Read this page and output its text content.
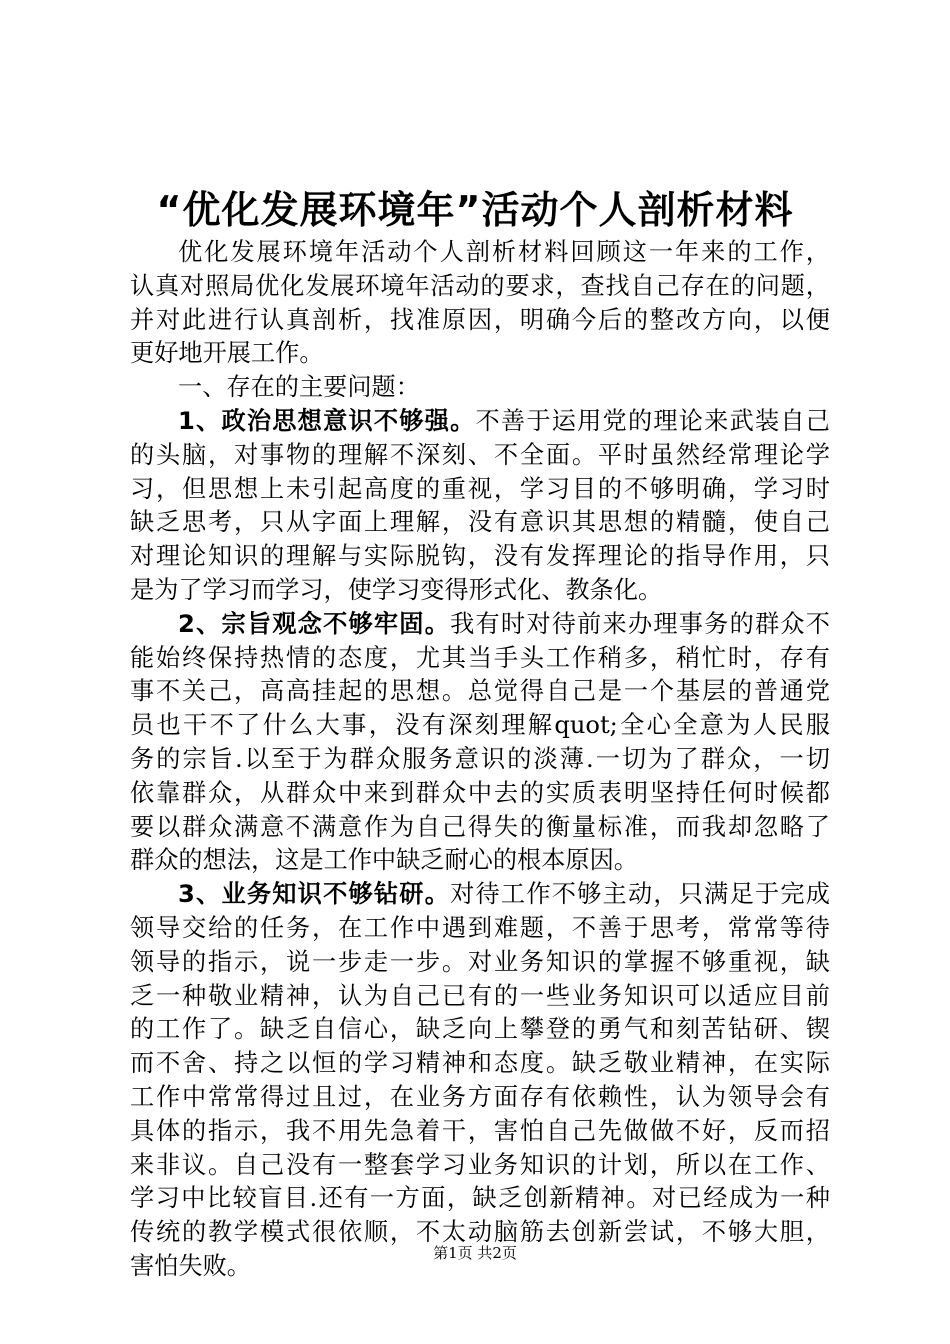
“优化发展环境年”活动个人剖析材料
优化发展环境年活动个人剖析材料回顾这一年来的工作，
认真对照局优化发展环境年活动的要求，查找自己存在的问题，
并对此进行认真剖析，找准原因，明确今后的整改方向，以便
更好地开展工作。
一、存在的主要问题：
1、政治思想意识不够强。不善于运用党的理论来武装自己
的头脑，对事物的理解不深刻、不全面。平时虽然经常理论学
习，但思想上未引起高度的重视，学习目的不够明确，学习时
缺乏思考，只从字面上理解，没有意识其思想的精髓，使自己
对理论知识的理解与实际脱钩，没有发挥理论的指导作用，只
是为了学习而学习，使学习变得形式化、教条化。
2、宗旨观念不够牢固。我有时对待前来办理事务的群众不
能始终保持热情的态度，尤其当手头工作稍多，稍忙时，存有
事不关己，高高挂起的思想。总觉得自己是一个基层的普通党
员也干不了什么大事，没有深刻理解quot;全心全意为人民服
务的宗旨.以至于为群众服务意识的淡薄.一切为了群众，一切
依靠群众，从群众中来到群众中去的实质表明坚持任何时候都
要以群众满意不满意作为自己得失的衡量标准，而我却忽略了
群众的想法，这是工作中缺乏耐心的根本原因。
3、业务知识不够钻研。对待工作不够主动，只满足于完成
领导交给的任务，在工作中遇到难题，不善于思考，常常等待
领导的指示，说一步走一步。对业务知识的掌握不够重视，缺
乏一种敬业精神，认为自己已有的一些业务知识可以适应目前
的工作了。缺乏自信心，缺乏向上攀登的勇气和刻苦钻研、锲
而不舍、持之以恒的学习精神和态度。缺乏敬业精神，在实际
工作中常常得过且过，在业务方面存有依赖性，认为领导会有
具体的指示，我不用先急着干，害怕自己先做做不好，反而招
来非议。自己没有一整套学习业务知识的计划，所以在工作、
学习中比较盲目.还有一方面，缺乏创新精神。对已经成为一种
传统的教学模式很依顺，不太动脑筋去创新尝试，不够大胆，
害怕失败。	第1页 共2页
